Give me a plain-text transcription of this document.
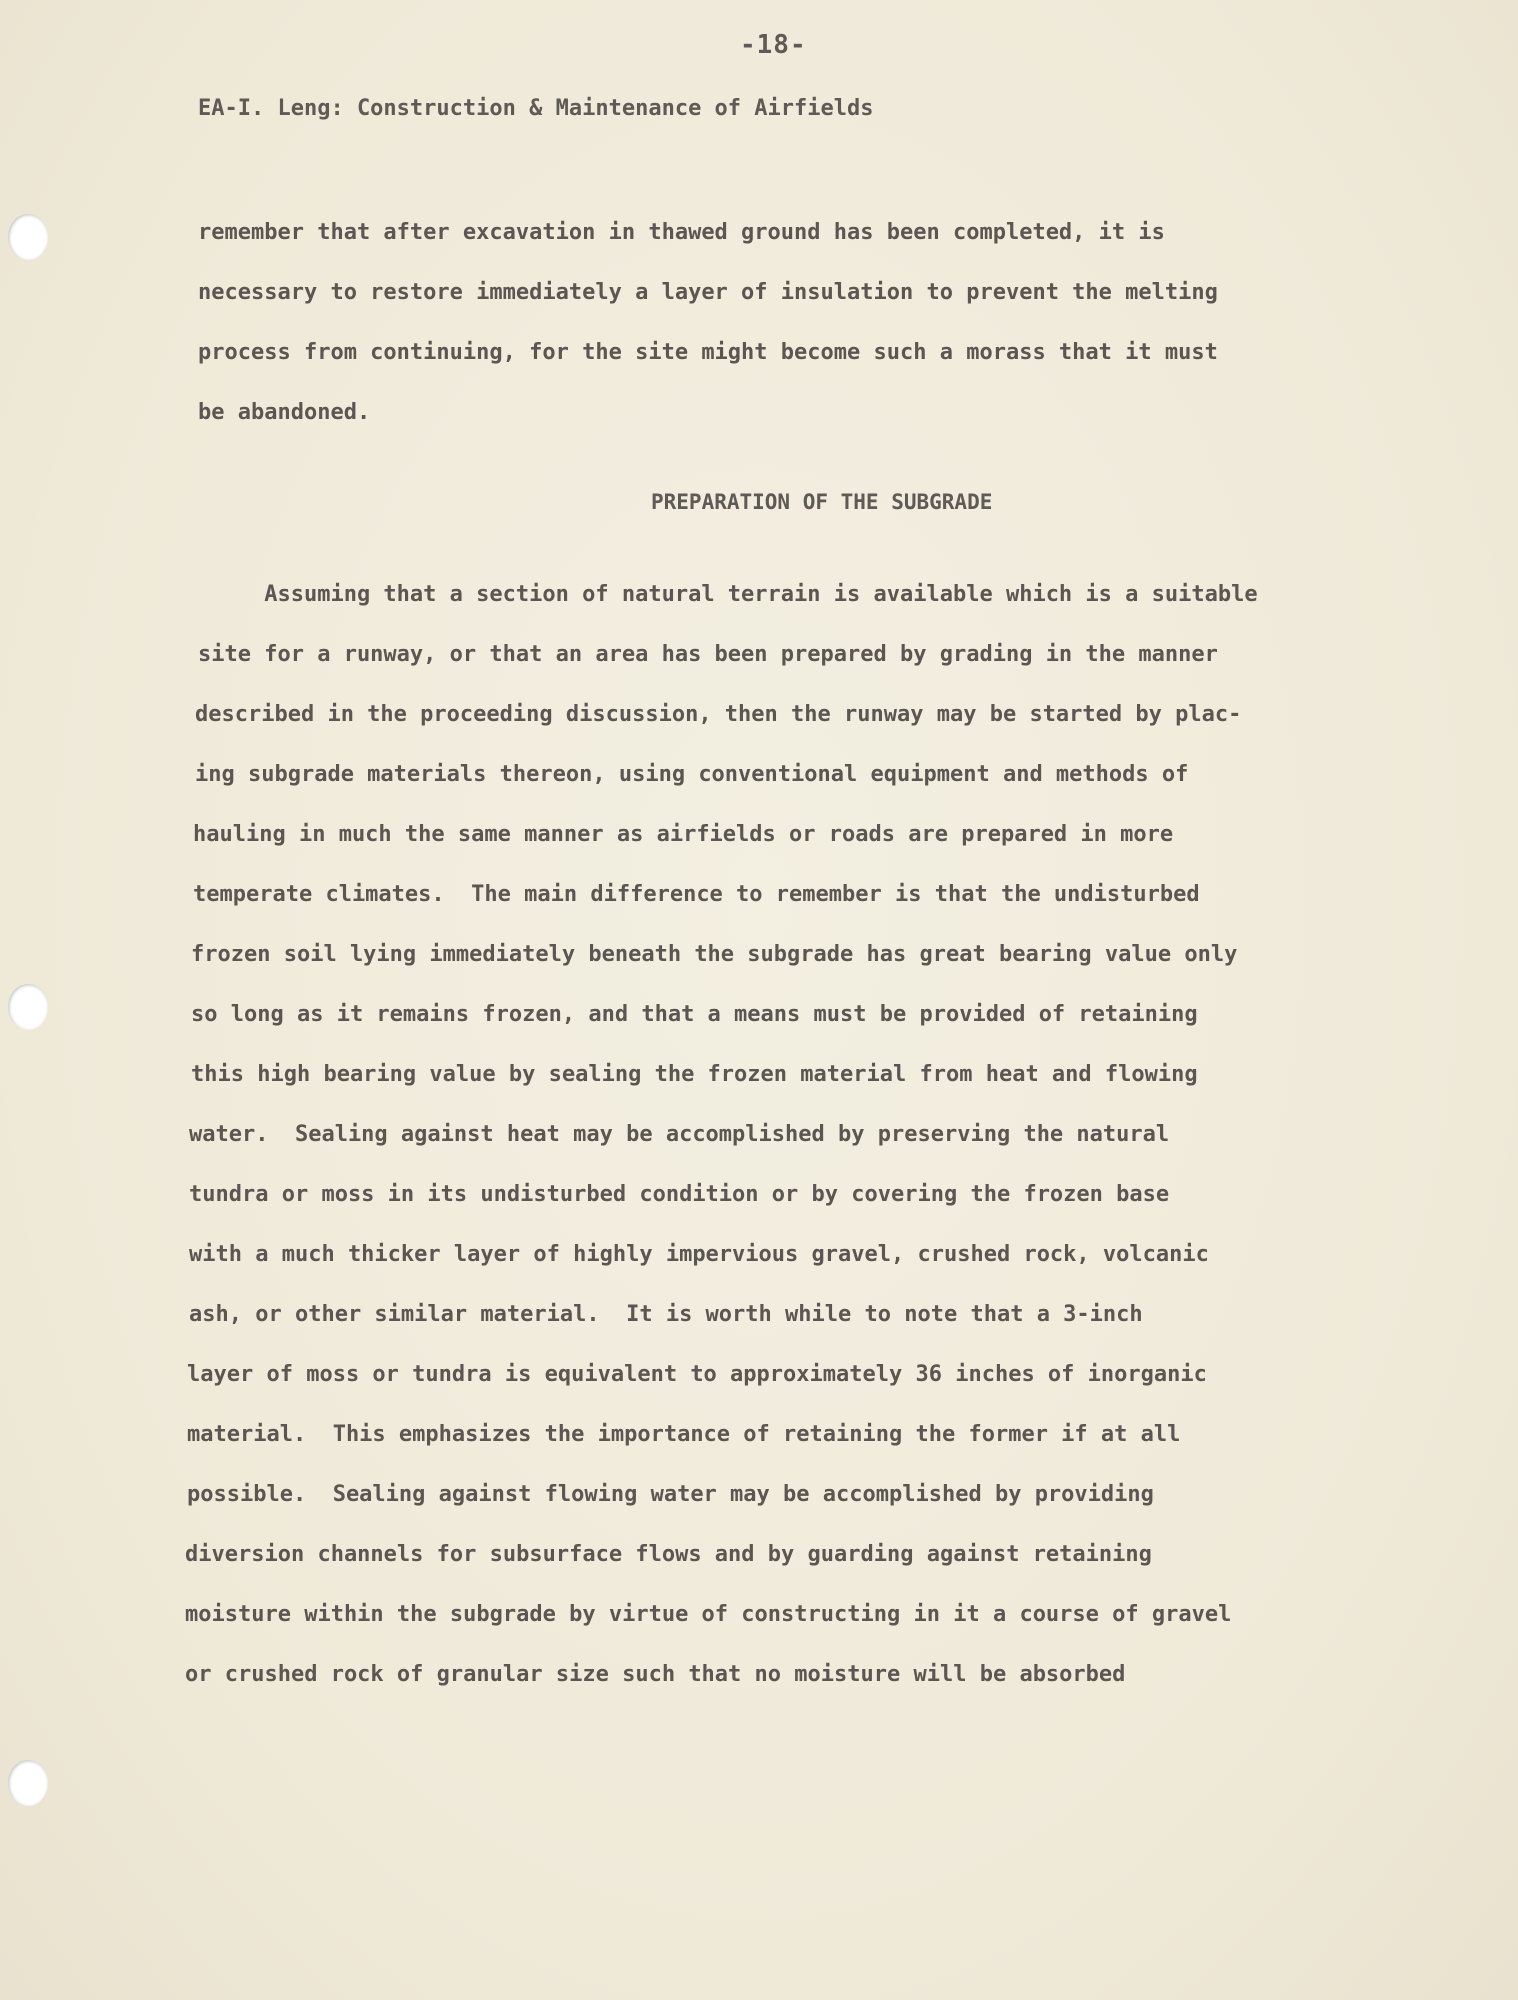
-18-
EA-I. Leng: Construction & Maintenance of Airfields
remember that after excavation in thawed ground has been completed, it is
necessary to restore immediately a layer of insulation to prevent the melting
process from continuing, for the site might become such a morass that it must
be abandoned.
PREPARATION OF THE SUBGRADE
Assuming that a section of natural terrain is available which is a suitable
site for a runway, or that an area has been prepared by grading in the manner
described in the proceeding discussion, then the runway may be started by plac-
ing subgrade materials thereon, using conventional equipment and methods of
hauling in much the same manner as airfields or roads are prepared in more
temperate climates.  The main difference to remember is that the undisturbed
frozen soil lying immediately beneath the subgrade has great bearing value only
so long as it remains frozen, and that a means must be provided of retaining
this high bearing value by sealing the frozen material from heat and flowing
water.  Sealing against heat may be accomplished by preserving the natural
tundra or moss in its undisturbed condition or by covering the frozen base
with a much thicker layer of highly impervious gravel, crushed rock, volcanic
ash, or other similar material.  It is worth while to note that a 3-inch
layer of moss or tundra is equivalent to approximately 36 inches of inorganic
material.  This emphasizes the importance of retaining the former if at all
possible.  Sealing against flowing water may be accomplished by providing
diversion channels for subsurface flows and by guarding against retaining
moisture within the subgrade by virtue of constructing in it a course of gravel
or crushed rock of granular size such that no moisture will be absorbed
